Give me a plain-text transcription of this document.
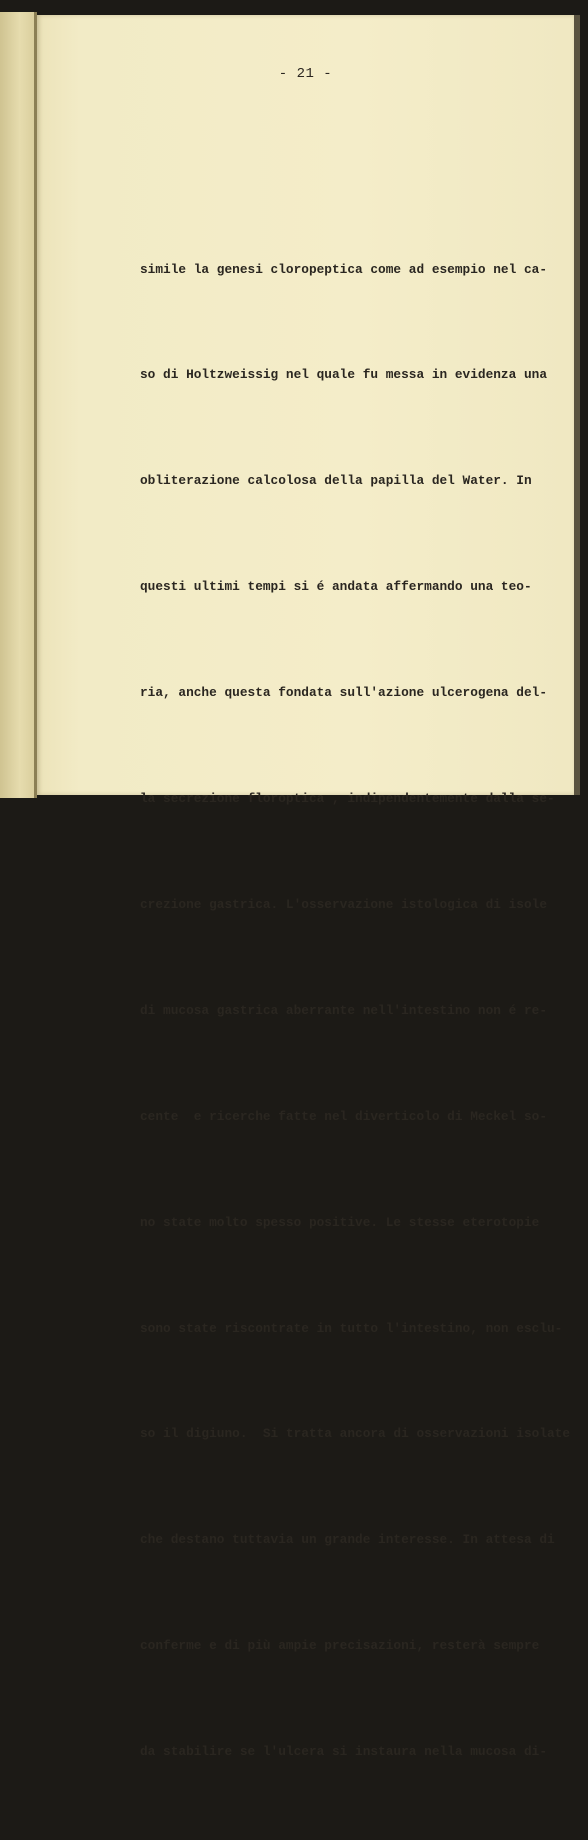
- 21 -

simile la genesi cloropeptica come ad esempio nel ca-

so di Holtzweissig nel quale fu messa in evidenza una

obliterazione calcolosa della papilla del Water. In

questi ultimi tempi si é andata affermando una teo-

ria, anche questa fondata sull'azione ulcerogena del-

la secrezione floroptica , indipendentemente dalla se-

crezione gastrica. L'osservazione istologica di isole

di mucosa gastrica aberrante nell'intestino non é re-

cente  e ricerche fatte nel diverticolo di Meckel so-

no state molto spesso positive. Le stesse eterotopie

sono state riscontrate in tutto l'intestino, non esclu-

so il digiuno.  Si tratta ancora di osservazioni isolate

che destano tuttavia un grande interesse. In attesa di

conferme e di più ampie precisazioni, resterà sempre

da stabilire se l'ulcera si instaura nella mucosa di-
